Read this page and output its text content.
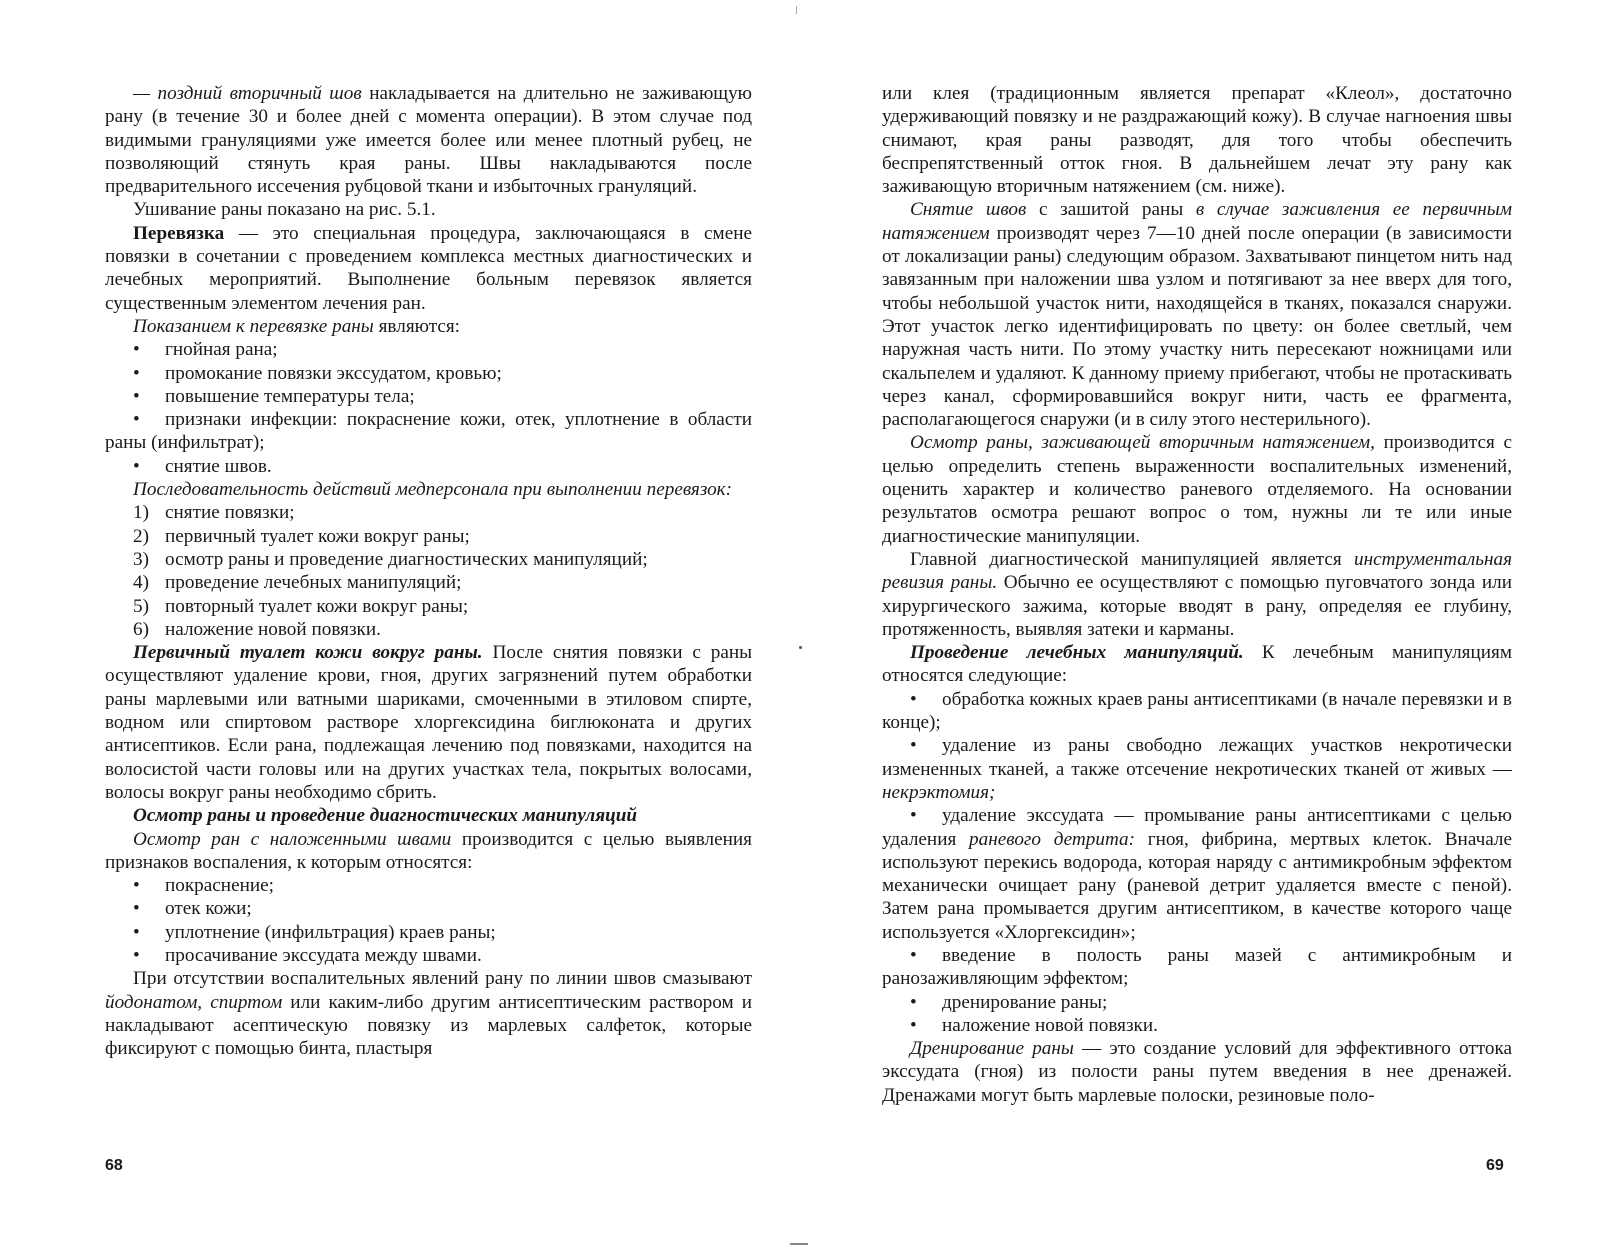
— поздний вторичный шов накладывается на длительно не заживающую рану (в течение 30 и более дней с момента операции). В этом случае под видимыми грануляциями уже имеется более или менее плотный рубец, не позволяющий стянуть края раны. Швы накладываются после предварительного иссечения рубцовой ткани и избыточных грануляций.

Ушивание раны показано на рис. 5.1.

Перевязка — это специальная процедура, заключающаяся в смене повязки в сочетании с проведением комплекса местных диагностических и лечебных мероприятий. Выполнение больным перевязок является существенным элементом лечения ран.

Показанием к перевязке раны являются:

• гнойная рана;

• промокание повязки экссудатом, кровью;

• повышение температуры тела;

• признаки инфекции: покраснение кожи, отек, уплотнение в области раны (инфильтрат);

• снятие швов.

Последовательность действий медперсонала при выполнении перевязок:

1) снятие повязки;

2) первичный туалет кожи вокруг раны;

3) осмотр раны и проведение диагностических манипуляций;

4) проведение лечебных манипуляций;

5) повторный туалет кожи вокруг раны;

6) наложение новой повязки.

Первичный туалет кожи вокруг раны. После снятия повязки с раны осуществляют удаление крови, гноя, других загрязнений путем обработки раны марлевыми или ватными шариками, смоченными в этиловом спирте, водном или спиртовом растворе хлоргексидина биглюконата и других антисептиков. Если рана, подлежащая лечению под повязками, находится на волосистой части головы или на других участках тела, покрытых волосами, волосы вокруг раны необходимо сбрить.

Осмотр раны и проведение диагностических манипуляций

Осмотр ран с наложенными швами производится с целью выявления признаков воспаления, к которым относятся:

• покраснение;

• отек кожи;

• уплотнение (инфильтрация) краев раны;

• просачивание экссудата между швами.

При отсутствии воспалительных явлений рану по линии швов смазывают йодонатом, спиртом или каким-либо другим антисептическим раствором и накладывают асептическую повязку из марлевых салфеток, которые фиксируют с помощью бинта, пластыря

68

или клея (традиционным является препарат «Клеол», достаточно удерживающий повязку и не раздражающий кожу). В случае нагноения швы снимают, края раны разводят, для того чтобы обеспечить беспрепятственный отток гноя. В дальнейшем лечат эту рану как заживающую вторичным натяжением (см. ниже).

Снятие швов с зашитой раны в случае заживления ее первичным натяжением производят через 7—10 дней после операции (в зависимости от локализации раны) следующим образом. Захватывают пинцетом нить над завязанным при наложении шва узлом и потягивают за нее вверх для того, чтобы небольшой участок нити, находящейся в тканях, показался снаружи. Этот участок легко идентифицировать по цвету: он более светлый, чем наружная часть нити. По этому участку нить пересекают ножницами или скальпелем и удаляют. К данному приему прибегают, чтобы не протаскивать через канал, сформировавшийся вокруг нити, часть ее фрагмента, располагающегося снаружи (и в силу этого нестерильного).

Осмотр раны, заживающей вторичным натяжением, производится с целью определить степень выраженности воспалительных изменений, оценить характер и количество раневого отделяемого. На основании результатов осмотра решают вопрос о том, нужны ли те или иные диагностические манипуляции.

Главной диагностической манипуляцией является инструментальная ревизия раны. Обычно ее осуществляют с помощью пуговчатого зонда или хирургического зажима, которые вводят в рану, определяя ее глубину, протяженность, выявляя затеки и карманы.

Проведение лечебных манипуляций. К лечебным манипуляциям относятся следующие:

• обработка кожных краев раны антисептиками (в начале перевязки и в конце);

• удаление из раны свободно лежащих участков некротически измененных тканей, а также отсечение некротических тканей от живых — некрэктомия;

• удаление экссудата — промывание раны антисептиками с целью удаления раневого детрита: гноя, фибрина, мертвых клеток. Вначале используют перекись водорода, которая наряду с антимикробным эффектом механически очищает рану (раневой детрит удаляется вместе с пеной). Затем рана промывается другим антисептиком, в качестве которого чаще используется «Хлоргексидин»;

• введение в полость раны мазей с антимикробным и ранозаживляющим эффектом;

• дренирование раны;

• наложение новой повязки.

Дренирование раны — это создание условий для эффективного оттока экссудата (гноя) из полости раны путем введения в нее дренажей. Дренажами могут быть марлевые полоски, резиновые поло-

69
